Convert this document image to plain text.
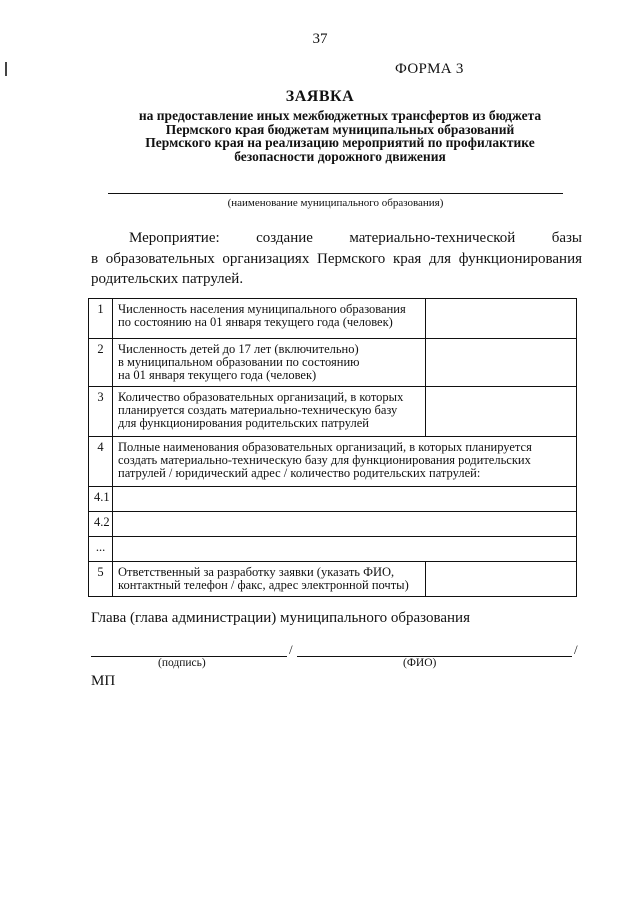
37
ФОРМА 3
ЗАЯВКА
на предоставление иных межбюджетных трансфертов из бюджета
Пермского края бюджетам муниципальных образований
Пермского края на реализацию мероприятий по профилактике
безопасности дорожного движения
(наименование муниципального образования)
Мероприятие: создание материально-технической базы
в образовательных организациях Пермского края для функционирования родительских патрулей.
1	Численность населения муниципального образования
по состоянию на 01 января текущего года (человек)	

2	Численность детей до 17 лет (включительно)
в муниципальном образовании по состоянию
на 01 января текущего года (человек)	

3	Количество образовательных организаций, в которых
планируется создать материально-техническую базу
для функционирования родительских патрулей	

4	Полные наименования образовательных организаций, в которых планируется
создать материально-техническую базу для функционирования родительских
патрулей / юридический адрес / количество родительских патрулей:	

4.1		
4.2		
...		
5	Ответственный за разработку заявки (указать ФИО,
контактный телефон / факс, адрес электронной почты)	

Глава (глава администрации) муниципального образования
/	/
(подпись)	(ФИО)
МП
